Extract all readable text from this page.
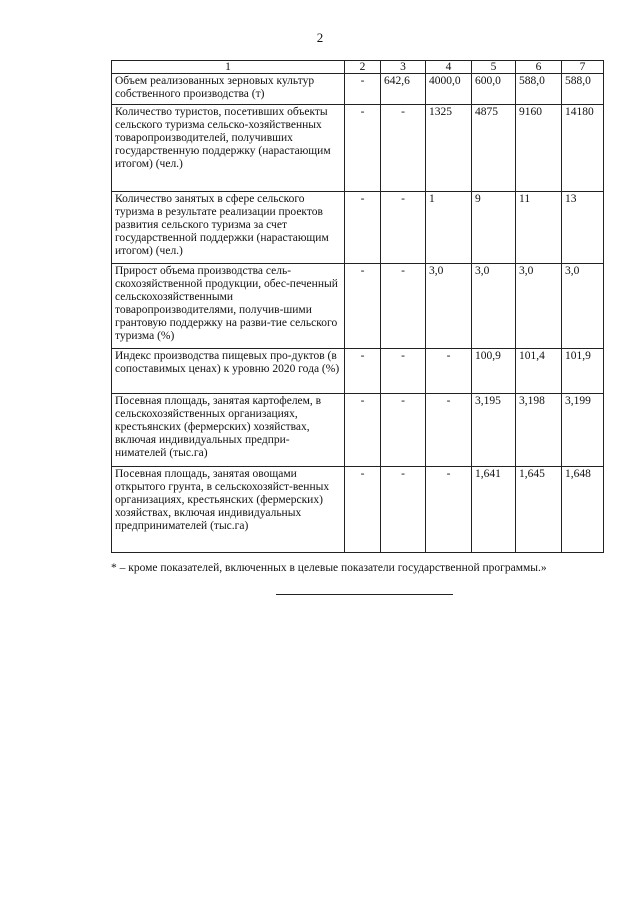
2
1	2	3	4	5	6	7
Объем реализованных зерновых культур собственного производства (т)	-	642,6	4000,0	600,0	588,0	588,0
Количество туристов, посетивших объекты сельского туризма сельско-хозяйственных товаропроизводителей, получивших государственную поддержку (нарастающим итогом) (чел.)	-	-	1325	4875	9160	14180
Количество занятых в сфере сельского туризма в результате реализации проектов развития сельского туризма за счет государственной поддержки (нарастающим итогом) (чел.)	-	-	1	9	11	13
Прирост объема производства сель-скохозяйственной продукции, обес-печенный сельскохозяйственными товаропроизводителями, получив-шими грантовую поддержку на разви-тие сельского туризма (%)	-	-	3,0	3,0	3,0	3,0
Индекс производства пищевых про-дуктов (в сопоставимых ценах) к уровню 2020 года (%)	-	-	-	100,9	101,4	101,9
Посевная площадь, занятая картофелем, в сельскохозяйственных организациях, крестьянских (фермерских) хозяйствах, включая индивидуальных предпри-нимателей (тыс.га)	-	-	-	3,195	3,198	3,199
Посевная площадь, занятая овощами открытого грунта, в сельскохозяйст-венных организациях, крестьянских (фермерских) хозяйствах, включая индивидуальных предпринимателей (тыс.га)	-	-	-	1,641	1,645	1,648
* – кроме показателей, включенных в целевые показатели государственной программы.»
